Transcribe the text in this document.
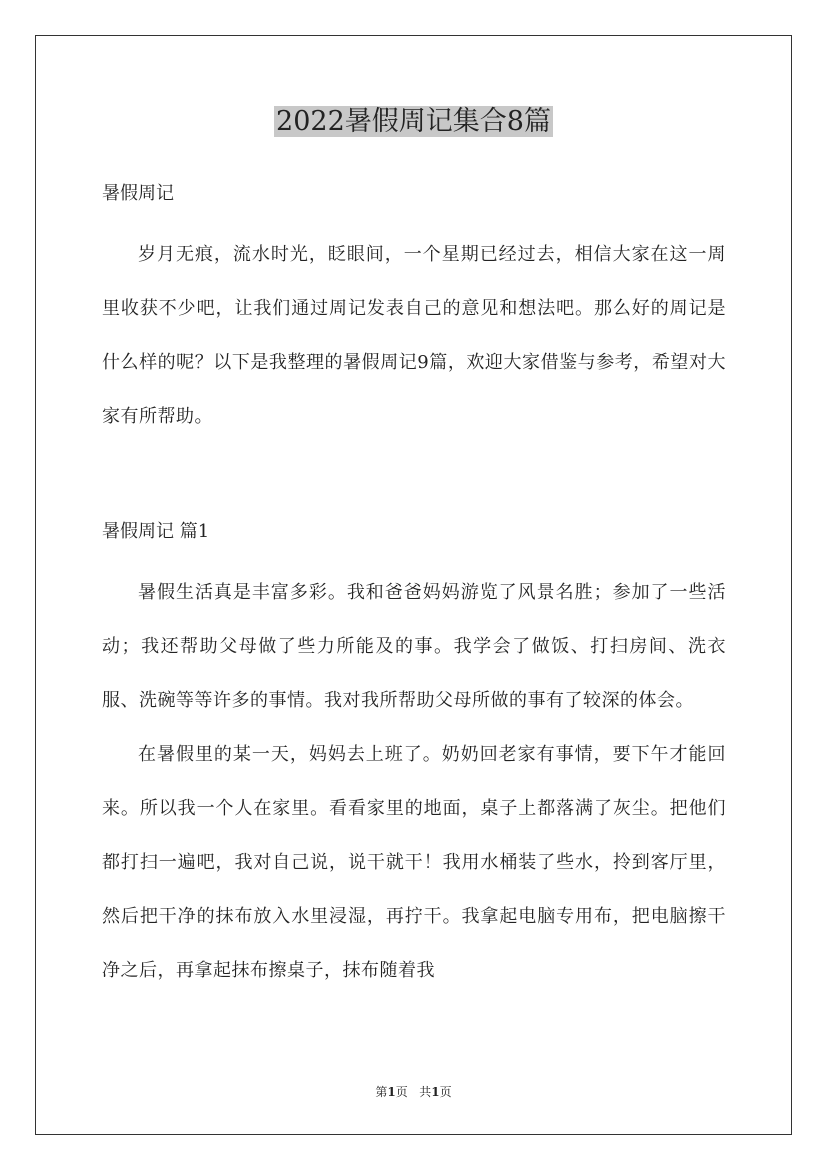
2022暑假周记集合8篇
暑假周记

岁月无痕，流水时光，眨眼间，一个星期已经过去，相信大家在这一周里收获不少吧，让我们通过周记发表自己的意见和想法吧。那么好的周记是什么样的呢？以下是我整理的暑假周记9篇，欢迎大家借鉴与参考，希望对大家有所帮助。

暑假周记 篇1

暑假生活真是丰富多彩。我和爸爸妈妈游览了风景名胜；参加了一些活动；我还帮助父母做了些力所能及的事。我学会了做饭、打扫房间、洗衣服、洗碗等等许多的事情。我对我所帮助父母所做的事有了较深的体会。

在暑假里的某一天，妈妈去上班了。奶奶回老家有事情，要下午才能回来。所以我一个人在家里。看看家里的地面，桌子上都落满了灰尘。把他们都打扫一遍吧，我对自己说，说干就干！我用水桶装了些水，拎到客厅里，然后把干净的抹布放入水里浸湿，再拧干。我拿起电脑专用布，把电脑擦干净之后，再拿起抹布擦桌子，抹布随着我

第1页 共1页
